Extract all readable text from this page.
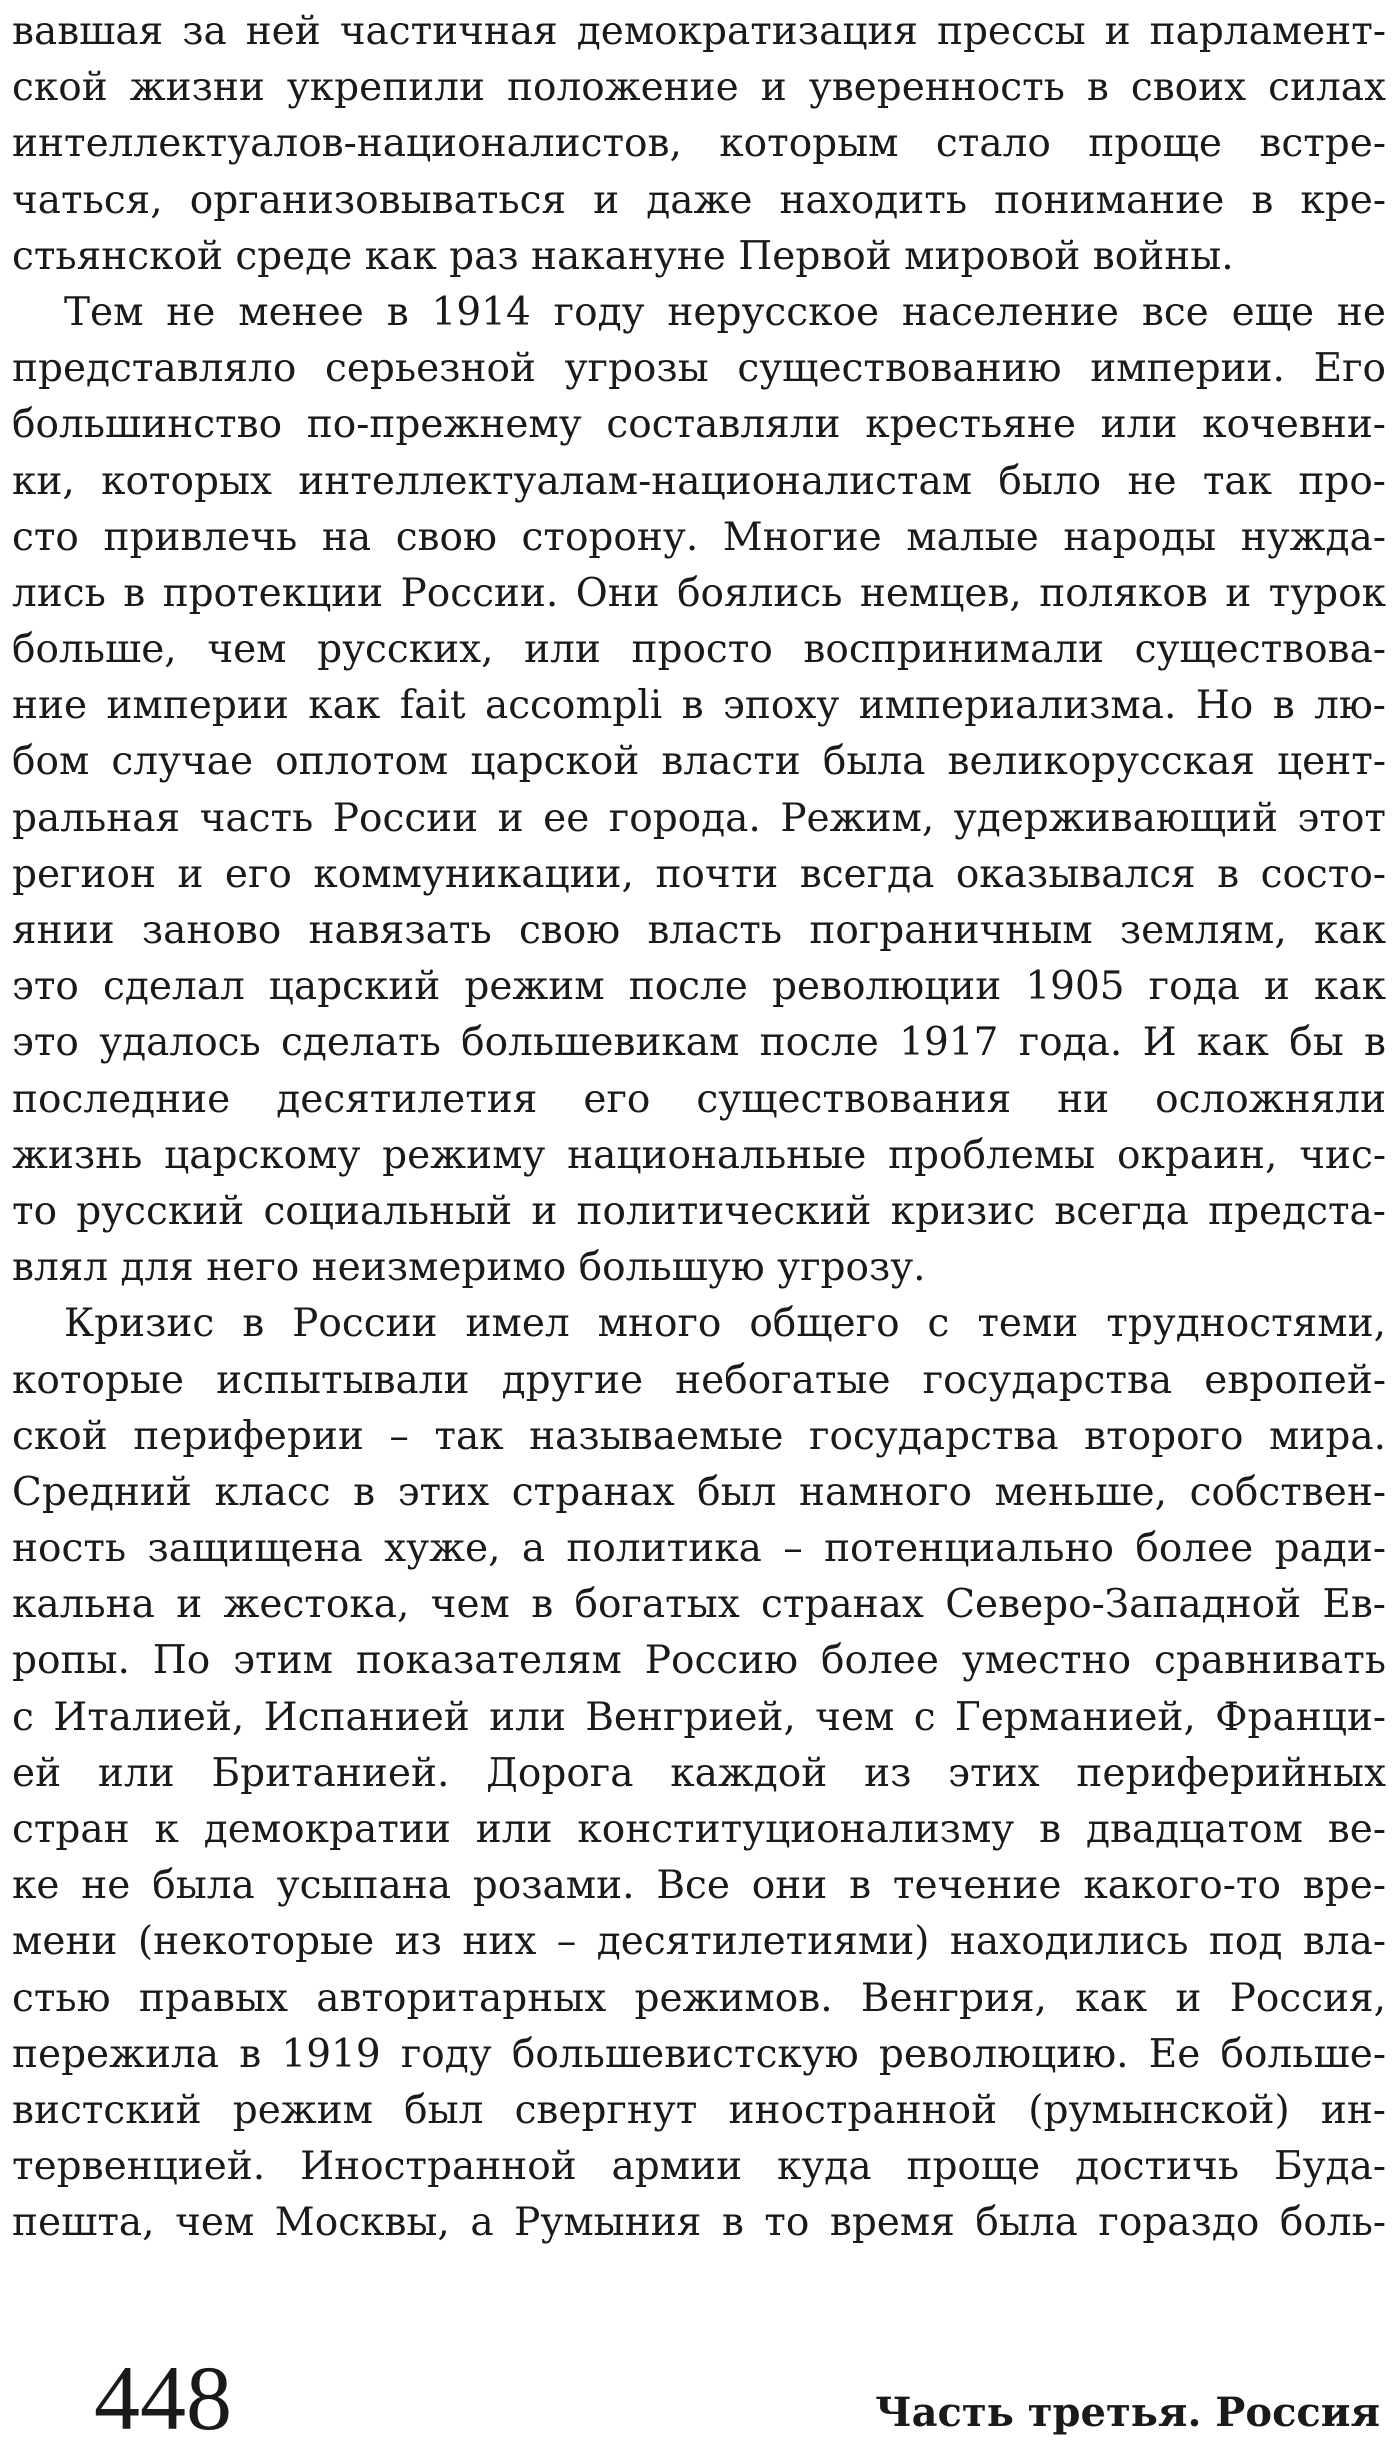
вавшая за ней частичная демократизация прессы и парламент-
ской жизни укрепили положение и уверенность в своих силах
интеллектуалов-националистов, которым стало проще встре-
чаться, организовываться и даже находить понимание в кре-
стьянской среде как раз накануне Первой мировой войны.
Тем не менее в 1914 году нерусское население все еще не
представляло серьезной угрозы существованию империи. Его
большинство по-прежнему составляли крестьяне или кочевни-
ки, которых интеллектуалам-националистам было не так про-
сто привлечь на свою сторону. Многие малые народы нужда-
лись в протекции России. Они боялись немцев, поляков и турок
больше, чем русских, или просто воспринимали существова-
ние империи как fait accompli в эпоху империализма. Но в лю-
бом случае оплотом царской власти была великорусская цент-
ральная часть России и ее города. Режим, удерживающий этот
регион и его коммуникации, почти всегда оказывался в состо-
янии заново навязать свою власть пограничным землям, как
это сделал царский режим после революции 1905 года и как
это удалось сделать большевикам после 1917 года. И как бы в
последние десятилетия его существования ни осложняли
жизнь царскому режиму национальные проблемы окраин, чис-
то русский социальный и политический кризис всегда предста-
влял для него неизмеримо большую угрозу.
Кризис в России имел много общего с теми трудностями,
которые испытывали другие небогатые государства европей-
ской периферии – так называемые государства второго мира.
Средний класс в этих странах был намного меньше, собствен-
ность защищена хуже, а политика – потенциально более ради-
кальна и жестока, чем в богатых странах Северо-Западной Ев-
ропы. По этим показателям Россию более уместно сравнивать
с Италией, Испанией или Венгрией, чем с Германией, Франци-
ей или Британией. Дорога каждой из этих периферийных
стран к демократии или конституционализму в двадцатом ве-
ке не была усыпана розами. Все они в течение какого-то вре-
мени (некоторые из них – десятилетиями) находились под вла-
стью правых авторитарных режимов. Венгрия, как и Россия,
пережила в 1919 году большевистскую революцию. Ее больше-
вистский режим был свергнут иностранной (румынской) ин-
тервенцией. Иностранной армии куда проще достичь Буда-
пешта, чем Москвы, а Румыния в то время была гораздо боль-
448	Часть третья. Россия
